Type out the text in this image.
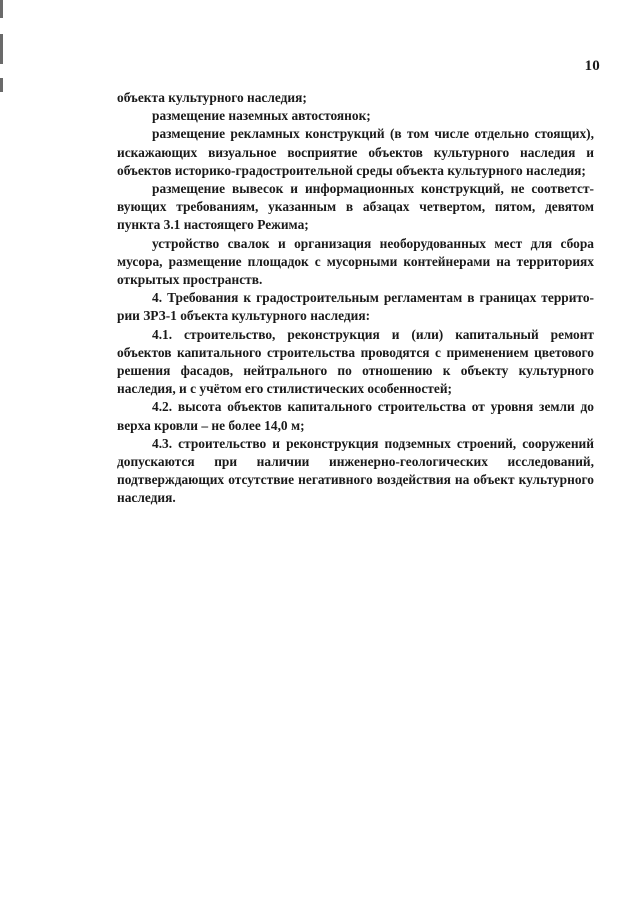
10

объекта культурного наследия;

размещение наземных автостоянок;

размещение рекламных конструкций (в том числе отдельно стоящих), искажающих визуальное восприятие объектов культурного наследия и объектов историко-градостроительной среды объекта культурного наследия;

размещение вывесок и информационных конструкций, не соответствующих требованиям, указанным в абзацах четвертом, пятом, девятом пункта 3.1 настоящего Режима;

устройство свалок и организация необорудованных мест для сбора мусора, размещение площадок с мусорными контейнерами на территориях открытых пространств.

4. Требования к градостроительным регламентам в границах территории ЗРЗ-1 объекта культурного наследия:

4.1. строительство, реконструкция и (или) капитальный ремонт объектов капитального строительства проводятся с применением цветового решения фасадов, нейтрального по отношению к объекту культурного наследия, и с учётом его стилистических особенностей;

4.2. высота объектов капитального строительства от уровня земли до верха кровли – не более 14,0 м;

4.3. строительство и реконструкция подземных строений, сооружений допускаются при наличии инженерно-геологических исследований, подтверждающих отсутствие негативного воздействия на объект культурного наследия.
